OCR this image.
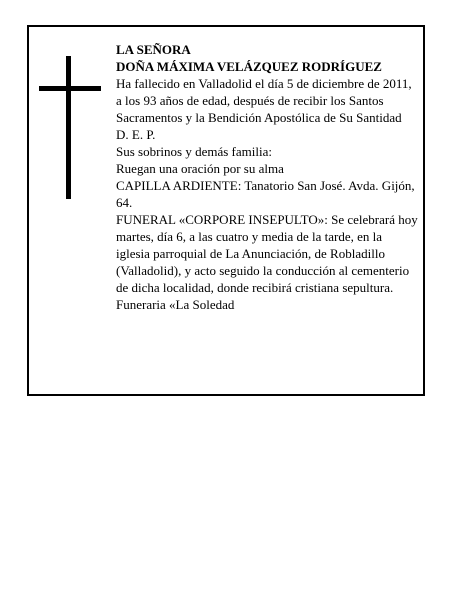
LA SEÑORA

DOÑA MÁXIMA VELÁZQUEZ RODRÍGUEZ

Ha fallecido en Valladolid el día 5 de diciembre de 2011, a los 93 años de edad, después de recibir los Santos Sacramentos y la Bendición Apostólica de Su Santidad

D. E. P.

Sus sobrinos y demás familia:

Ruegan una oración por su alma

CAPILLA ARDIENTE: Tanatorio San José. Avda. Gijón, 64.

FUNERAL «CORPORE INSEPULTO»: Se celebrará hoy martes, día 6, a las cuatro y media de la tarde, en la iglesia parroquial de La Anunciación, de Robladillo (Valladolid), y acto seguido la conducción al cementerio de dicha localidad, donde recibirá cristiana sepultura.

Funeraria «La Soledad
